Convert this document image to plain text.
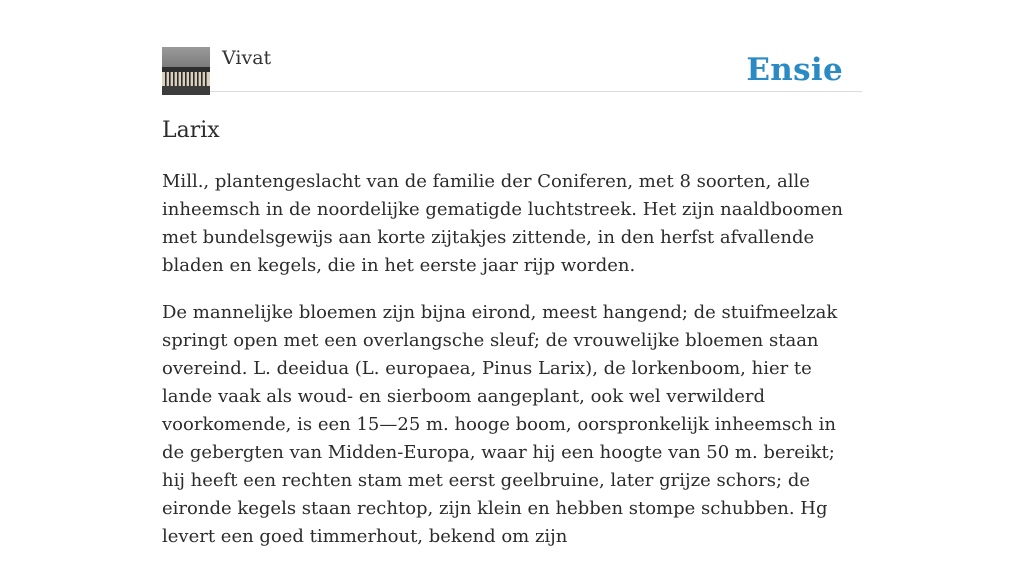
Vivat	Ensie
Larix

Mill., plantengeslacht van de familie der Coniferen, met 8 soorten, alle inheemsch in de noordelijke gematigde luchtstreek. Het zijn naaldboomen met bundelsgewijs aan korte zijtakjes zittende, in den herfst afvallende bladen en kegels, die in het eerste jaar rijp worden.

De mannelijke bloemen zijn bijna eirond, meest hangend; de stuifmeelzak springt open met een overlangsche sleuf; de vrouwelijke bloemen staan overeind. L. deeidua (L. europaea, Pinus Larix), de lorkenboom, hier te lande vaak als woud- en sierboom aangeplant, ook wel verwilderd voorkomende, is een 15—25 m. hooge boom, oorspronkelijk inheemsch in de gebergten van Midden-Europa, waar hij een hoogte van 50 m. bereikt; hij heeft een rechten stam met eerst geelbruine, later grijze schors; de eironde kegels staan rechtop, zijn klein en hebben stompe schubben. Hg levert een goed timmerhout, bekend om zijn
